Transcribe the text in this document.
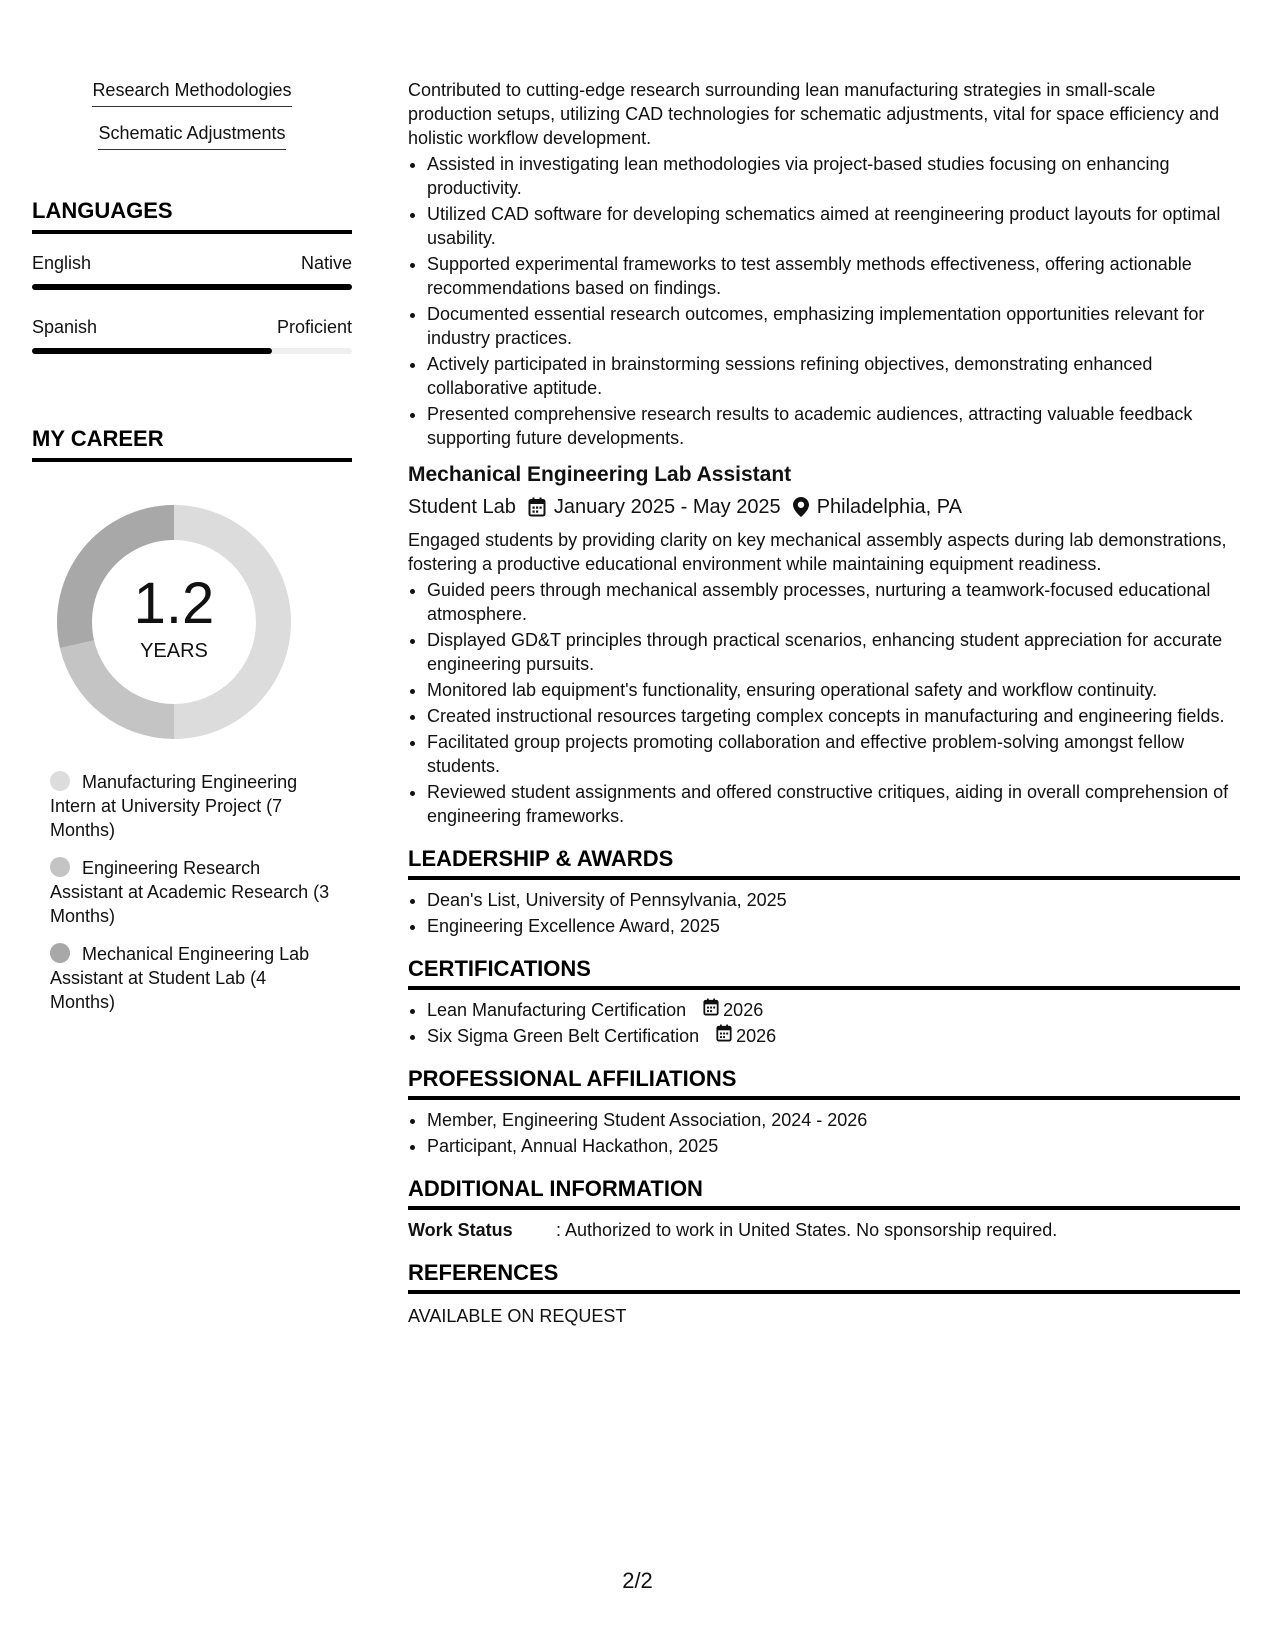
Research Methodologies
Schematic Adjustments
LANGUAGES
English	Native
Spanish	Proficient
MY CAREER
1.2
YEARS
Manufacturing Engineering Intern at University Project (7 Months)
Engineering Research Assistant at Academic Research (3 Months)
Mechanical Engineering Lab Assistant at Student Lab (4 Months)

Contributed to cutting-edge research surrounding lean manufacturing strategies in small-scale production setups, utilizing CAD technologies for schematic adjustments, vital for space efficiency and holistic workflow development.

• Assisted in investigating lean methodologies via project-based studies focusing on enhancing productivity.
• Utilized CAD software for developing schematics aimed at reengineering product layouts for optimal usability.
• Supported experimental frameworks to test assembly methods effectiveness, offering actionable recommendations based on findings.
• Documented essential research outcomes, emphasizing implementation opportunities relevant for industry practices.
• Actively participated in brainstorming sessions refining objectives, demonstrating enhanced collaborative aptitude.
• Presented comprehensive research results to academic audiences, attracting valuable feedback supporting future developments.
Mechanical Engineering Lab Assistant
Student Lab January 2025 - May 2025 Philadelphia, PA

Engaged students by providing clarity on key mechanical assembly aspects during lab demonstrations, fostering a productive educational environment while maintaining equipment readiness.

• Guided peers through mechanical assembly processes, nurturing a teamwork-focused educational atmosphere.
• Displayed GD&T principles through practical scenarios, enhancing student appreciation for accurate engineering pursuits.
• Monitored lab equipment's functionality, ensuring operational safety and workflow continuity.
• Created instructional resources targeting complex concepts in manufacturing and engineering fields.
• Facilitated group projects promoting collaboration and effective problem-solving amongst fellow students.
• Reviewed student assignments and offered constructive critiques, aiding in overall comprehension of engineering frameworks.
LEADERSHIP & AWARDS
• Dean's List, University of Pennsylvania, 2025
• Engineering Excellence Award, 2025
CERTIFICATIONS
• Lean Manufacturing Certification 2026
• Six Sigma Green Belt Certification 2026
PROFESSIONAL AFFILIATIONS
• Member, Engineering Student Association, 2024 - 2026
• Participant, Annual Hackathon, 2025
ADDITIONAL INFORMATION
Work Status	: Authorized to work in United States. No sponsorship required.
REFERENCES
AVAILABLE ON REQUEST
2/2
